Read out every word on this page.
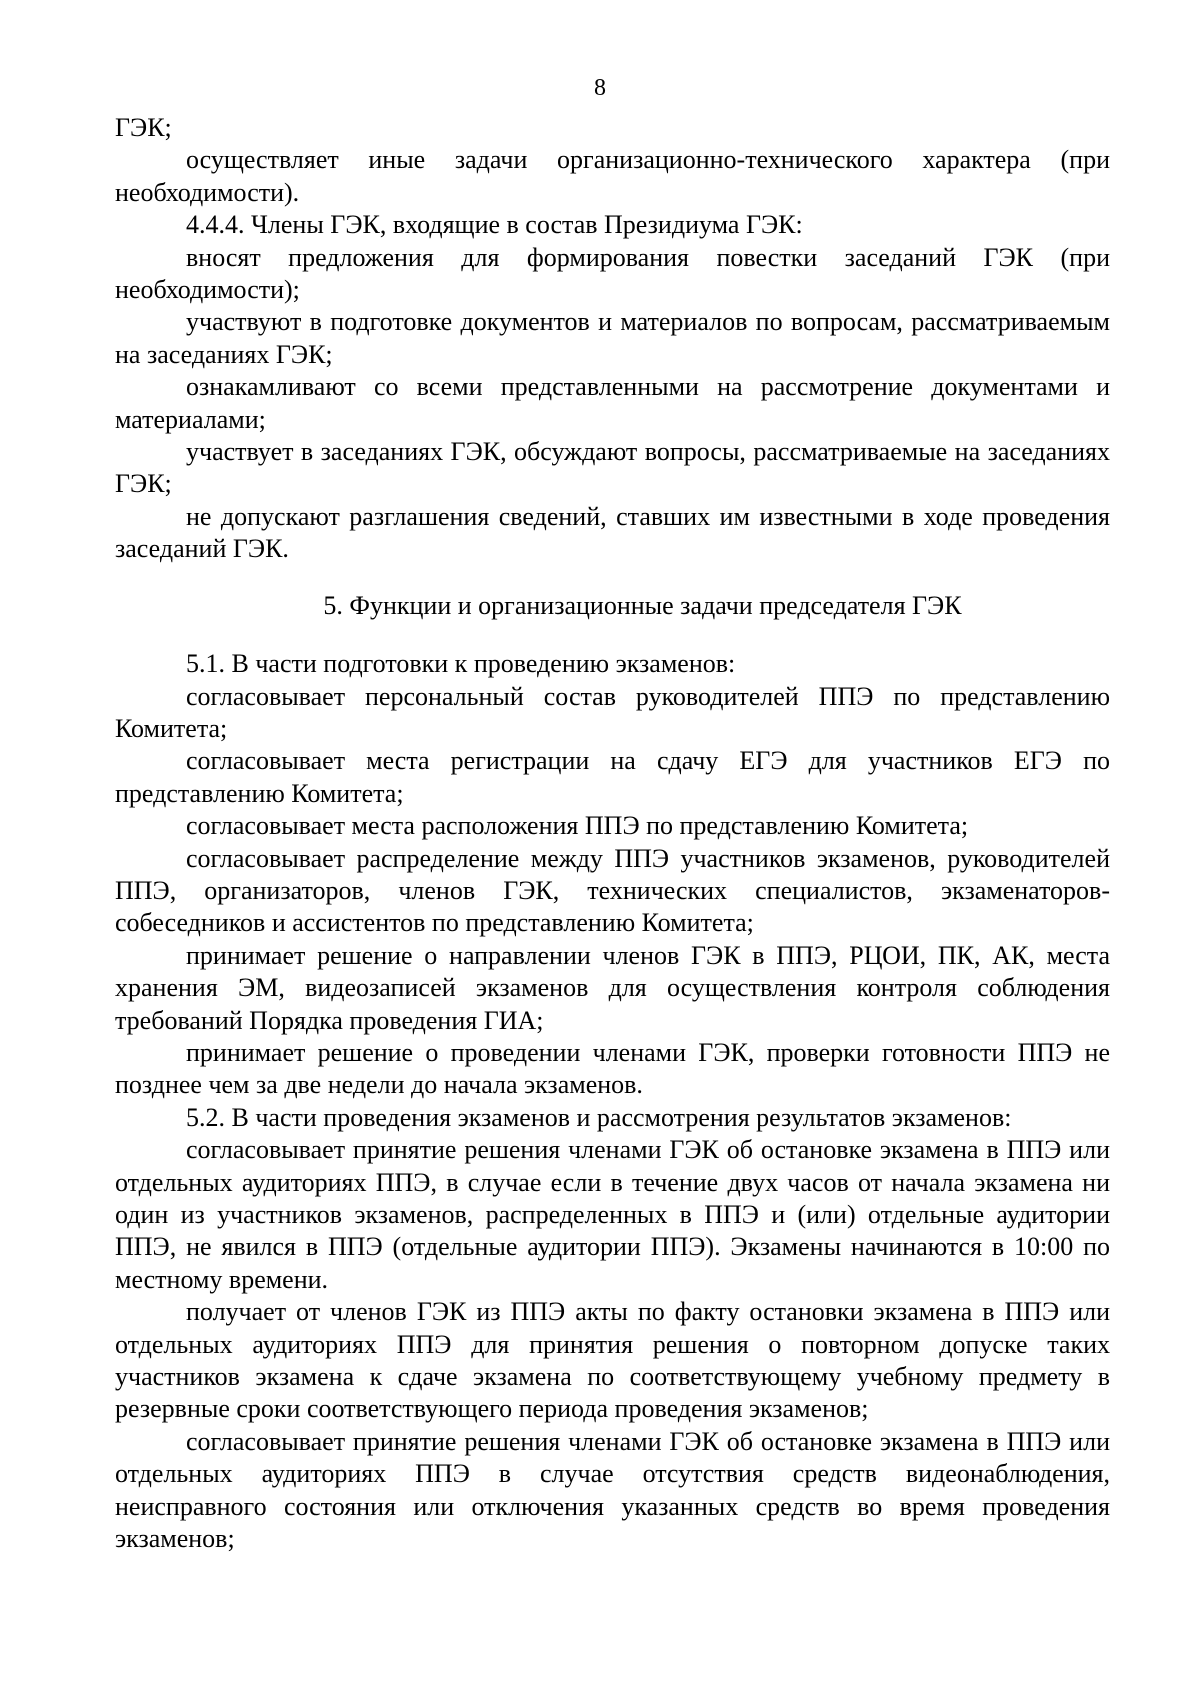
8

ГЭК;

осуществляет иные задачи организационно-технического характера (при необходимости).

4.4.4. Члены ГЭК, входящие в состав Президиума ГЭК:

вносят предложения для формирования повестки заседаний ГЭК (при необходимости);

участвуют в подготовке документов и материалов по вопросам, рассматриваемым на заседаниях ГЭК;

ознакамливают со всеми представленными на рассмотрение документами и материалами;

участвует в заседаниях ГЭК, обсуждают вопросы, рассматриваемые на заседаниях ГЭК;

не допускают разглашения сведений, ставших им известными в ходе проведения заседаний ГЭК.

5. Функции и организационные задачи председателя ГЭК

5.1. В части подготовки к проведению экзаменов:

согласовывает персональный состав руководителей ППЭ по представлению Комитета;

согласовывает места регистрации на сдачу ЕГЭ для участников ЕГЭ по представлению Комитета;

согласовывает места расположения ППЭ по представлению Комитета;

согласовывает распределение между ППЭ участников экзаменов, руководителей ППЭ, организаторов, членов ГЭК, технических специалистов, экзаменаторов-собеседников и ассистентов по представлению Комитета;

принимает решение о направлении членов ГЭК в ППЭ, РЦОИ, ПК, АК, места хранения ЭМ, видеозаписей экзаменов для осуществления контроля соблюдения требований Порядка проведения ГИА;

принимает решение о проведении членами ГЭК, проверки готовности ППЭ не позднее чем за две недели до начала экзаменов.

5.2. В части проведения экзаменов и рассмотрения результатов экзаменов:

согласовывает принятие решения членами ГЭК об остановке экзамена в ППЭ или отдельных аудиториях ППЭ, в случае если в течение двух часов от начала экзамена ни один из участников экзаменов, распределенных в ППЭ и (или) отдельные аудитории ППЭ, не явился в ППЭ (отдельные аудитории ППЭ). Экзамены начинаются в 10:00 по местному времени.

получает от членов ГЭК из ППЭ акты по факту остановки экзамена в ППЭ или отдельных аудиториях ППЭ для принятия решения о повторном допуске таких участников экзамена к сдаче экзамена по соответствующему учебному предмету в резервные сроки соответствующего периода проведения экзаменов;

согласовывает принятие решения членами ГЭК об остановке экзамена в ППЭ или отдельных аудиториях ППЭ в случае отсутствия средств видеонаблюдения, неисправного состояния или отключения указанных средств во время проведения экзаменов;
